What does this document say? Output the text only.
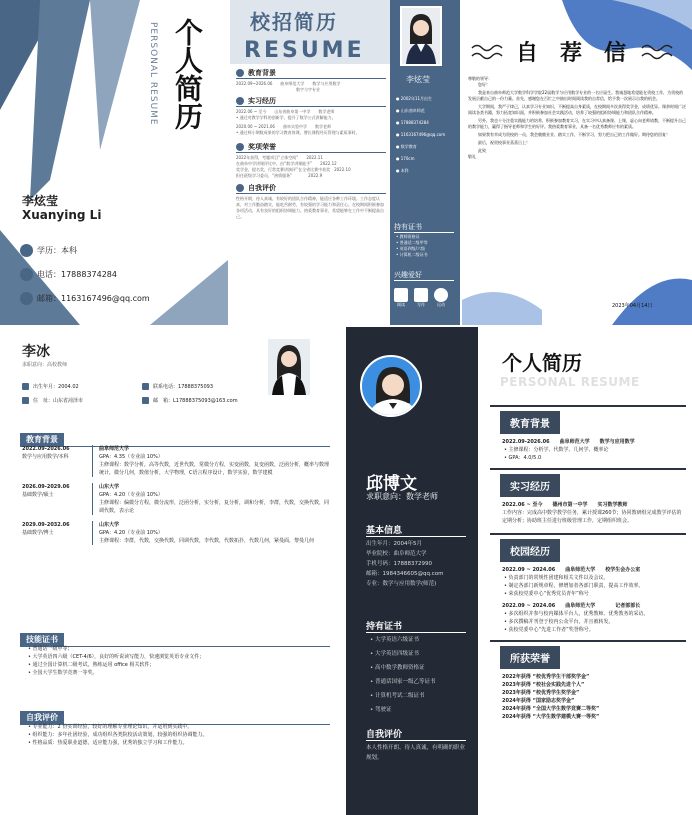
个人简历
PERSONAL RESUME
李炫莹
Xuanying Li
学历：本科
电话：17888374284
邮箱：1163167496@qq.com
校招简历
RESUME
李炫莹
● 2002年11月出生
● 山东曲阜师范
● 17888374284
● 1163167496@qq.com
● 数学教育
● 170cm
● 本科
持有证书
• 教师资格证
• 普通话二级甲等
• 英语四级/六级
• 计算机二级证书
兴趣爱好
阅读	写作	运动
教育背景
2022.09~2026.06　　曲阜师范大学　　数学与应用数学
数字与字专业
实习经历
2022.06 ~ 至今　　山东省曲阜第一中学　　数学老师
• 通过对教学学科的创新学，提升了数学公式讲解能力。
2020.00 ~ 2021.06　　曲阜实验中学　　数学老师
• 通过师小期数成果的学习教育体课，增长课程经历管理与素质事时。
奖项荣誉
2022年获得，考题项目“立体空间”　　2022.11
在曲阜中学讲课评比中，由“数学讲课能手”　　2022.12
奖学金，提名奖，行常竞赛讲演评”在全省比赛中获奖　2022.10
担任班级学习委员，“热情服务”　　　　2022.9
自我评价
性格开朗，待人真诚，有较好的团队合作精神，能适应各种工作环境。工作态度认真，对工作勤奋踏实，能吃苦耐劳，有较强的学习能力和责任心。在校期间积极参加各项活动，具有良好的组织协调能力。热爱教育事业，希望能够在工作中不断提高自己。
自　荐　信
尊敬的领导：
您好！
我是来自曲阜师范大学数学科学学院22届数学与应用数学专业的一名应届生。我诚恳地希望能在贵校工作，为贵校的发展贡献自己的一份力量。首先，感谢您在百忙之中抽出时间阅读我的自荐信，给予我一次展示自我的机会。
大学期间，我严于律己，认真学习专业知识，不断提高自身素质，在校期间多次获得奖学金，成绩优异。课余时间广泛阅读各类书籍，努力拓宽知识面，并积极参加社会实践活动，培养了较强的组织协调能力和团队合作精神。
另外，我也十分注重实践能力的培养，积极参加教育实习，在实习中认真备课、上课，虚心向老师请教，不断提升自己的教学能力，赢得了指导老师和学生的好评。我热爱教育事业，具备一名优秀教师应有的素质。
如果我有幸成为贵校的一员，我会兢兢业业、踏实工作，不断学习，努力把自己的工作做好。期待您的回复！
最后，祝贵校事业蒸蒸日上！
此致
敬礼
2023年04月14日
李冰
求职意向：高校教师
出生年月：2004.02	联系电话：17888375093
住　址：山东省菏泽市	邮　箱：L17888375093@163.com
教育背景
2022.09-2026.06
数学与应用数学/本科
曲阜师范大学
GPA：4.35（专业前 10%）
主修课程：数学分析，高等代数，近世代数，常微分方程，实变函数，复变函数，泛函分析，概率与数理统计，微分几何，数值分析，大学物理，C语言程序设计，数学实验，数学建模
2026.09-2029.06
基础数学/硕士
山东大学
GPA：4.20（专业前 10%）
主修课程：偏微分方程，微分流形，泛函分析，实分析，复分析，调和分析，李群，代数，交换代数，同调代数，表示论
2029.09-2032.06
基础数学/博士
山东大学
GPA：4.20（专业前 10%）
主修课程：李群，代数，交换代数，同调代数，李代数，代数拓扑，代数几何，紧曼面，黎曼几何
技能证书
• 普通话一级甲等；
• 大学英语四六级（CET-4/6），良好的听说读写能力，快速浏览英语专业文件；
• 通过全国计算机二级考试，熟练运用 office 相关软件；
• 全国大学生数学竞赛一等奖。
自我评价
• 专业能力：2 份实训经验，较好的理解专业理论知识，并运用到实践中。
• 组织能力：多年社团经验，成功组织各类院校活动策划，较强的组织协调能力。
• 性格品质：热爱职业道德，适应能力强，优秀的独立学习和工作能力。
邱博文
求职意向：数学老师
基本信息
出生年月：2004年5月
毕业院校：曲阜师范大学
手机号码：17888372990
邮箱：1984346605@qq.com
专业：数学与应用数学(师范)
持有证书
• 大学英语六级证书
• 大学英语四级证书
• 高中数学教师资格证
• 普通话国家一级乙等证书
• 计算机考试二级证书
• 驾驶证
自我评价
本人性格开朗、待人真诚，有明确的职业规划。
个人简历
PERSONAL RESUME
教育背景
2022.09-2026.06　　曲阜师范大学　　数学与应用数学
• 主修课程：分析学、代数学、几何学、概率论
• GPA：4.0/5.0
实习经历
2022.06 ~ 至今　　德州市第一中学　　实习数学教师
工作内容：完成高中数学教学任务，累计授课260节；协同教研组完成教学评估的定期分析；协助班主任进行班级管理工作，定期组织班会。
校园经历
2022.09 ~ 2024.06　　曲阜师范大学　　校学生会办公室
• 负责部门的常规性团建和相关文件以及会议。
• 制定各部门新规章程，修增加者各部门职责，提高工作效率。
• 荣获校党委中心“优秀党员青年”称号
2022.09 ~ 2024.06　　曲阜师范大学　　　　记者部部长
• 多次组织并参与校内媒体平台人，优秀教师、优秀教务的采访。
• 多次撰稿并刊登于校内公众平台，并且被转发。
• 获校党委中心“先进工作者”奖誉称号。
所获荣誉
2022年获得 “校优秀学生干部奖学金”
2023年获得 “校社会实践先进个人”
2023年获得 “校优秀学生奖学金”
2024年获得 “国家励志奖学金”
2024年获得 “全国大学生数学竞赛二等奖”
2024年获得 “大学生数学建模大赛一等奖”
